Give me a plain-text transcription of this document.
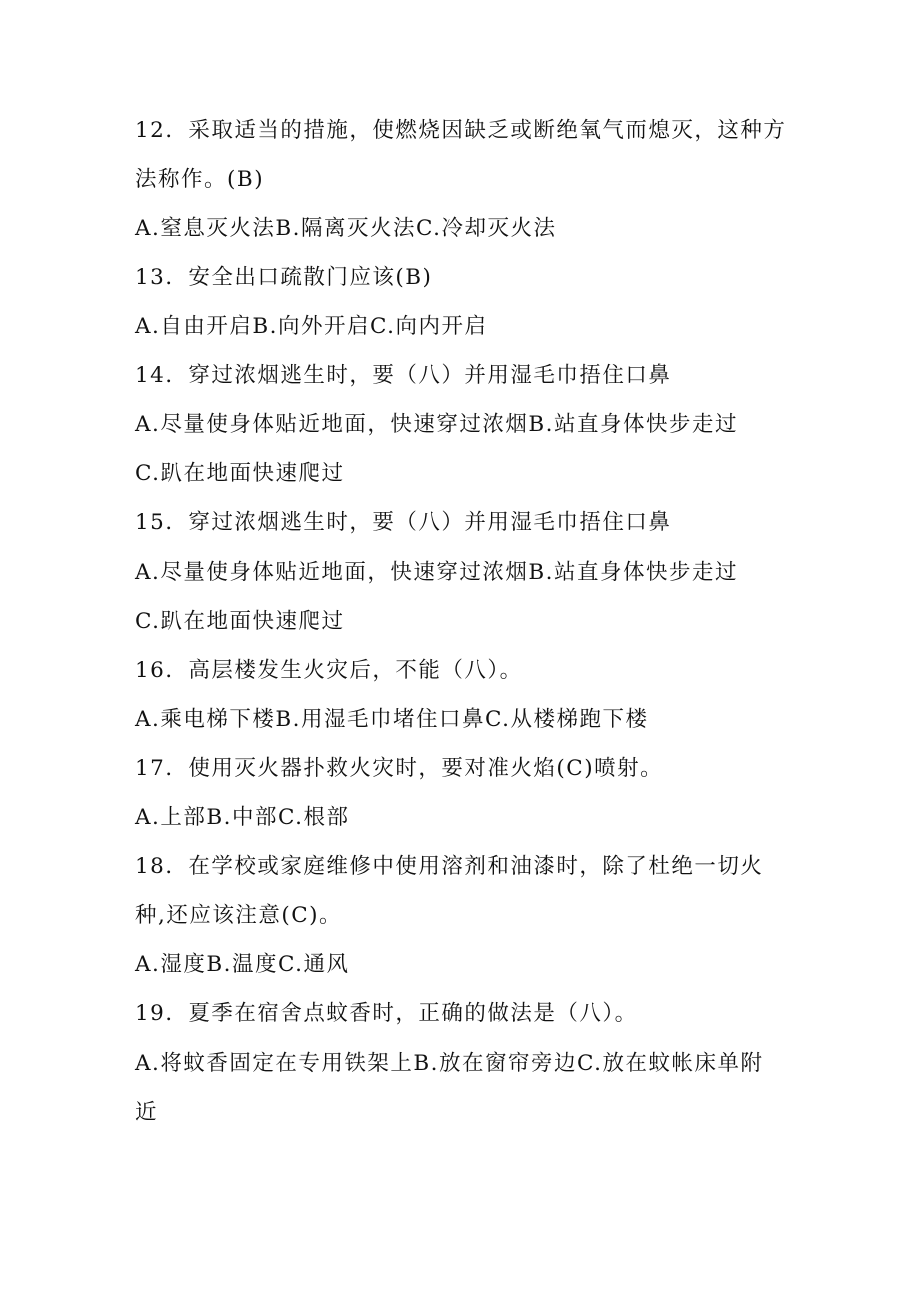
12．采取适当的措施，使燃烧因缺乏或断绝氧气而熄灭，这种方
法称作。(B)
A.窒息灭火法B.隔离灭火法C.冷却灭火法
13．安全出口疏散门应该(B)
A.自由开启B.向外开启C.向内开启
14．穿过浓烟逃生时，要（八）并用湿毛巾捂住口鼻
A.尽量使身体贴近地面，快速穿过浓烟B.站直身体快步走过
C.趴在地面快速爬过
15．穿过浓烟逃生时，要（八）并用湿毛巾捂住口鼻
A.尽量使身体贴近地面，快速穿过浓烟B.站直身体快步走过
C.趴在地面快速爬过
16．高层楼发生火灾后，不能（八）。
A.乘电梯下楼B.用湿毛巾堵住口鼻C.从楼梯跑下楼
17．使用灭火器扑救火灾时，要对准火焰(C)喷射。
A.上部B.中部C.根部
18．在学校或家庭维修中使用溶剂和油漆时，除了杜绝一切火
种,还应该注意(C)。
A.湿度B.温度C.通风
19．夏季在宿舍点蚊香时，正确的做法是（八）。
A.将蚊香固定在专用铁架上B.放在窗帘旁边C.放在蚊帐床单附
近
